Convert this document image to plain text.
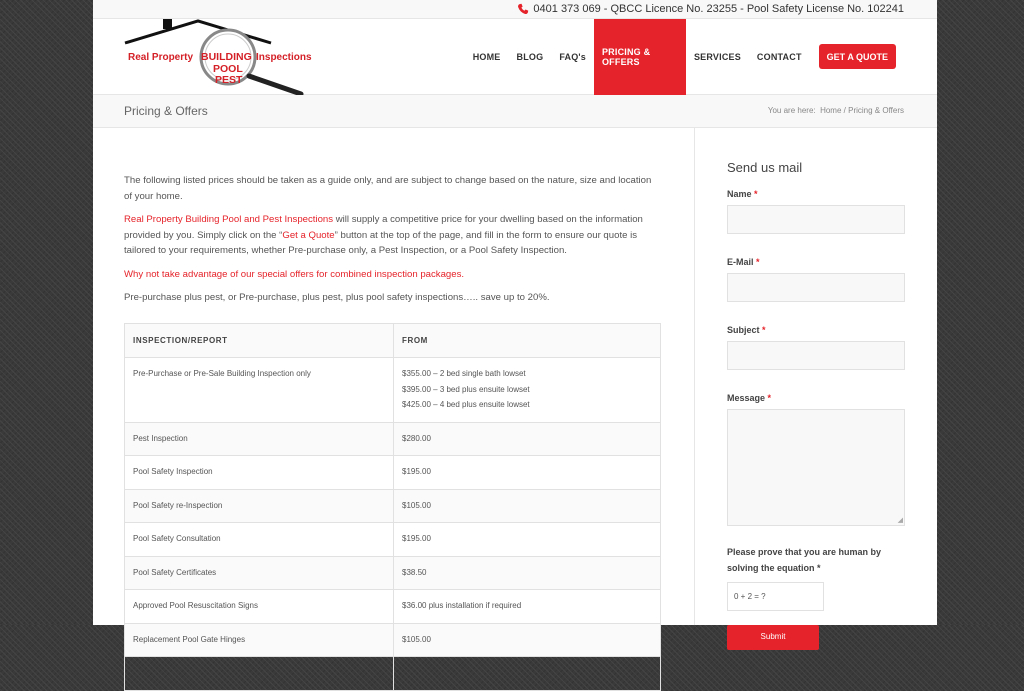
0401 373 069 - QBCC Licence No. 23255 - Pool Safety License No. 102241
Real Property BUILDING Inspections
POOL
PEST
HOME	BLOG	FAQ's	PRICING & OFFERS	SERVICES	CONTACT	GET A QUOTE
Pricing & Offers	You are here: Home / Pricing & Offers

The following listed prices should be taken as a guide only, and are subject to change based on the nature, size and location of your home.

Real Property Building Pool and Pest Inspections will supply a competitive price for your dwelling based on the information provided by you. Simply click on the “Get a Quote” button at the top of the page, and fill in the form to ensure our quote is tailored to your requirements, whether Pre-purchase only, a Pest Inspection, or a Pool Safety Inspection.

Why not take advantage of our special offers for combined inspection packages.

Pre-purchase plus pest, or Pre-purchase, plus pest, plus pool safety inspections….. save up to 20%.

INSPECTION/REPORT	FROM
Pre-Purchase or Pre-Sale Building Inspection only	$355.00 – 2 bed single bath lowset
$395.00 – 3 bed plus ensuite lowset
$425.00 – 4 bed plus ensuite lowset

Pest Inspection	$280.00
Pool Safety Inspection	$195.00
Pool Safety re-Inspection	$105.00
Pool Safety Consultation	$195.00
Pool Safety Certificates	$38.50
Approved Pool Resuscitation Signs	$36.00 plus installation if required
Replacement Pool Gate Hinges	$105.00

Send us mail
Name *
E-Mail *
Subject *
Message *
◢
Please prove that you are human by solving the equation *
0 + 2 = ?
Submit
